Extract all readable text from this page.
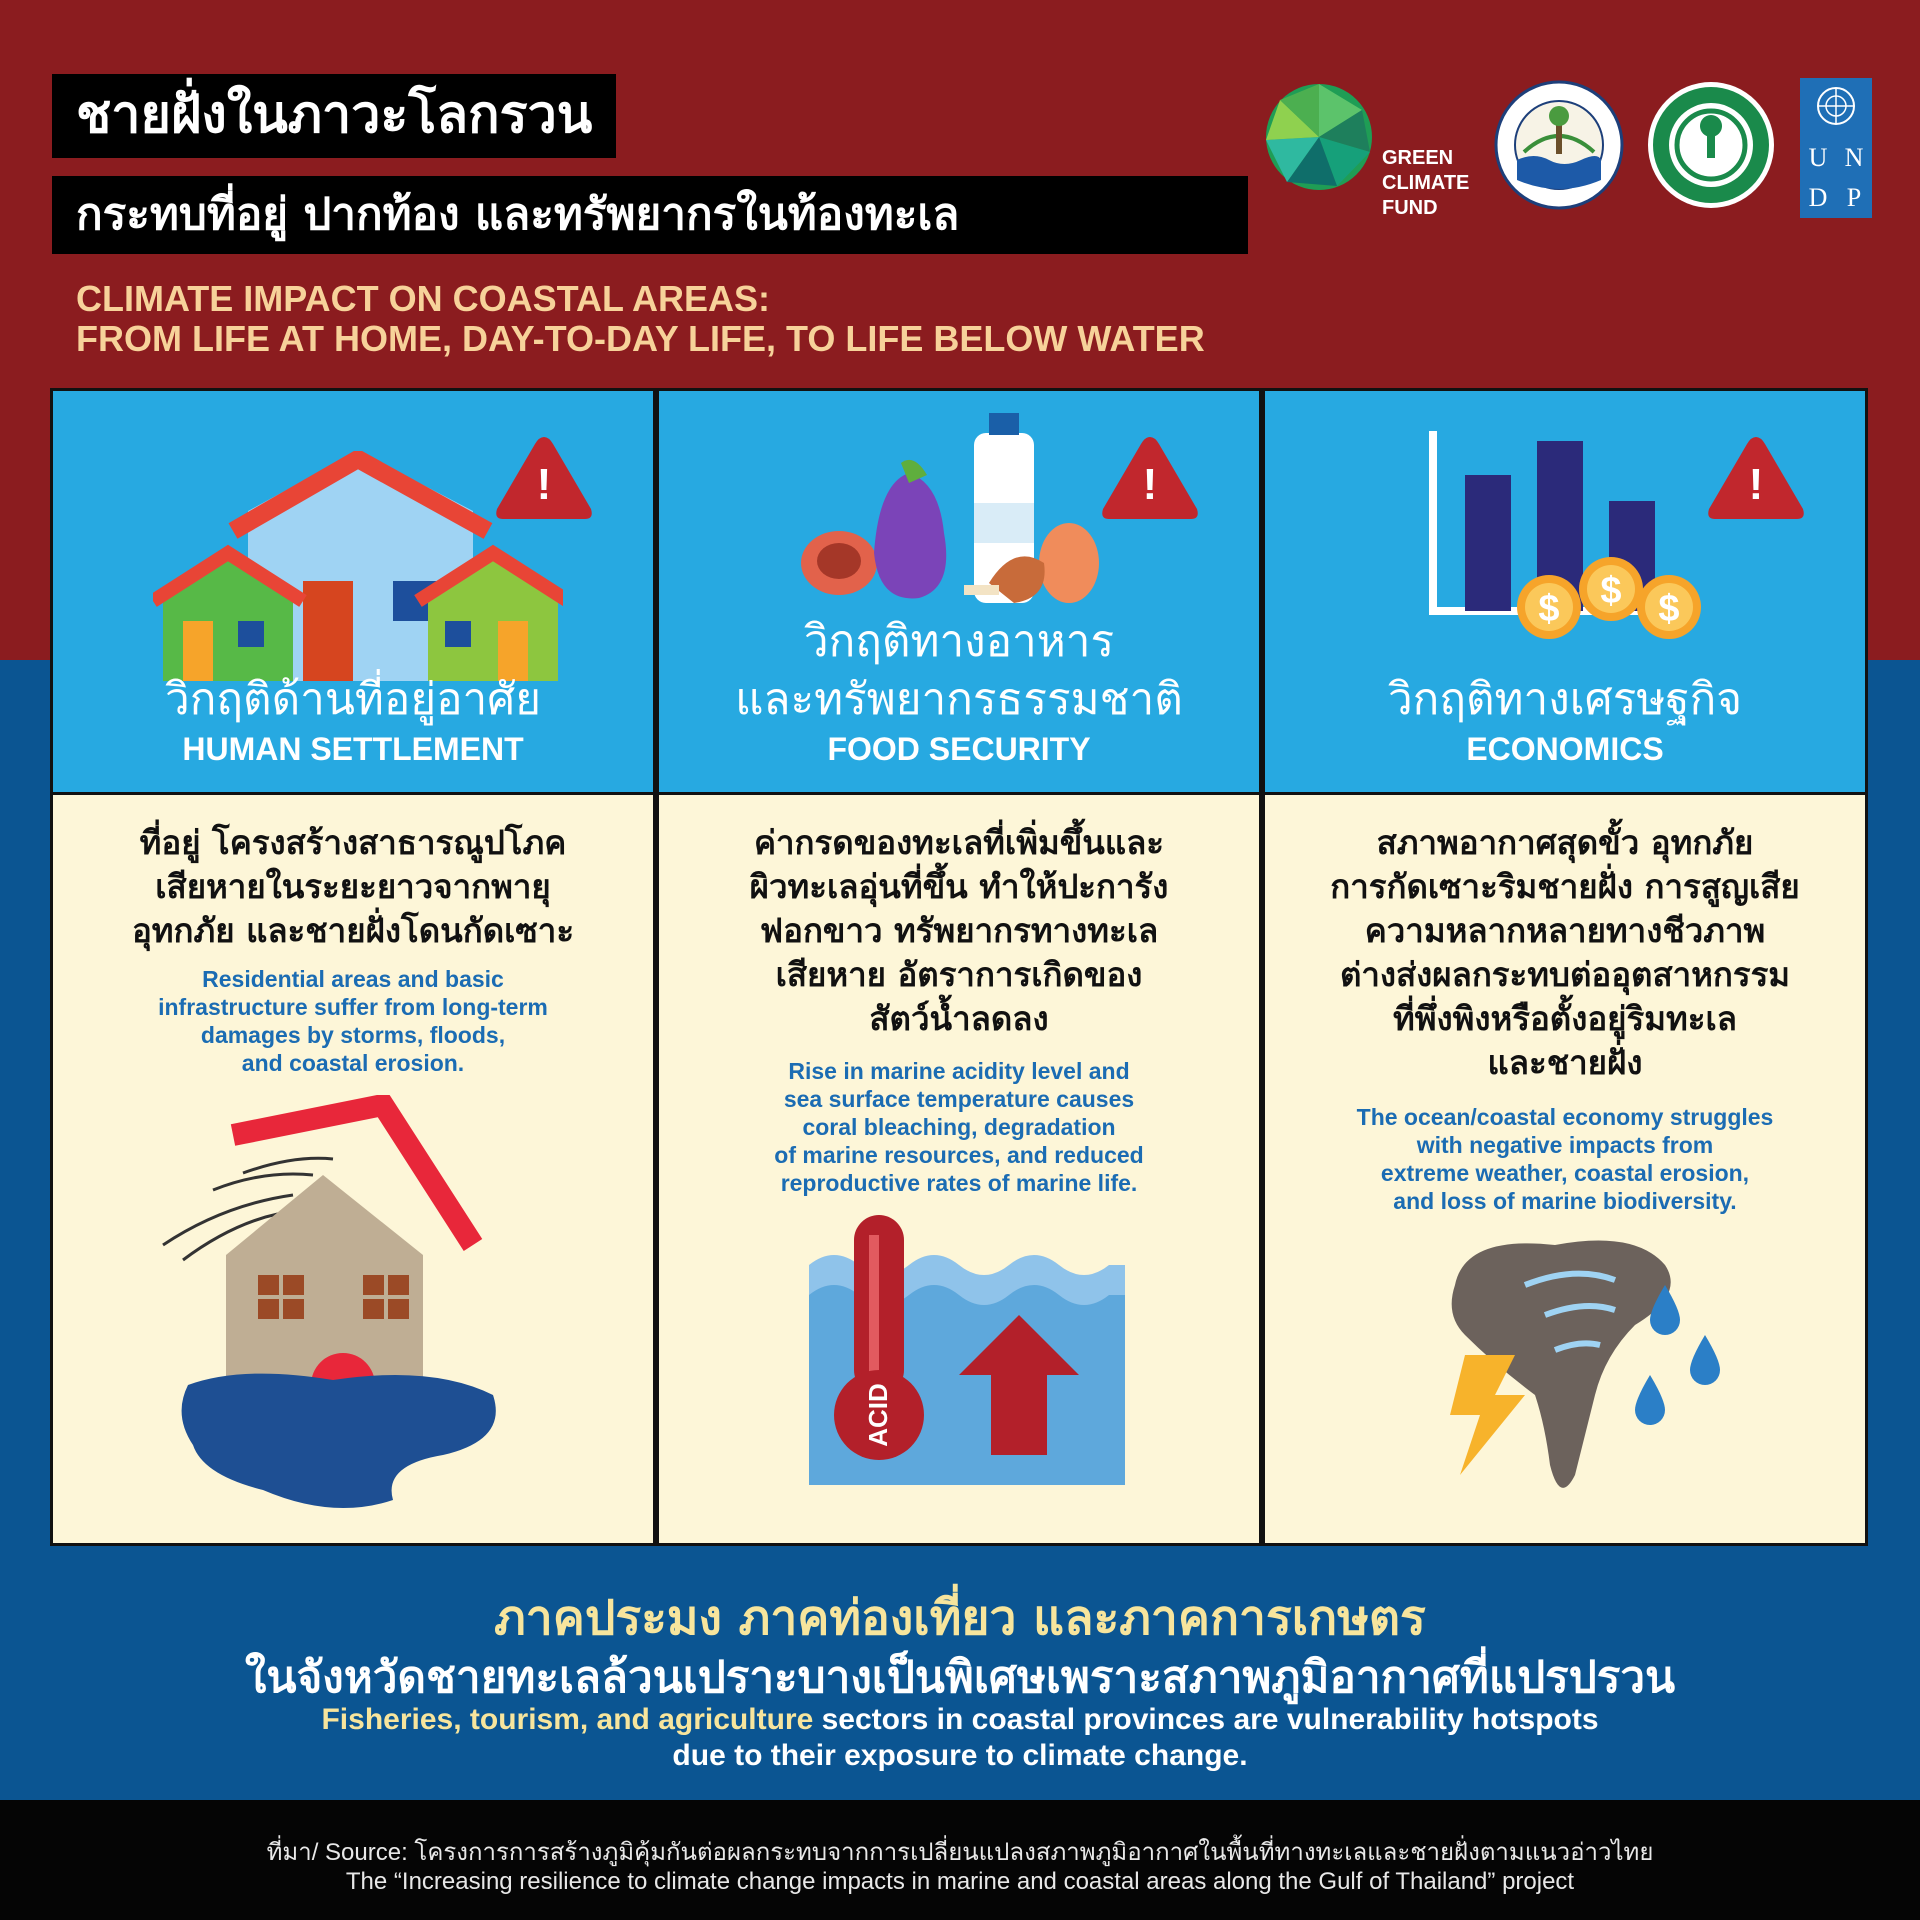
ชายฝั่งในภาวะโลกรวน
กระทบที่อยู่ ปากท้อง และทรัพยากรในท้องทะเล
CLIMATE IMPACT ON COASTAL AREAS:
FROM LIFE AT HOME, DAY-TO-DAY LIFE, TO LIFE BELOW WATER
GREEN
CLIMATE
FUND
U N
D P
!
วิกฤติด้านที่อยู่อาศัย
HUMAN SETTLEMENT
ที่อยู่ โครงสร้างสาธารณูปโภค
เสียหายในระยะยาวจากพายุ
อุทกภัย และชายฝั่งโดนกัดเซาะ
Residential areas and basic
infrastructure suffer from long-term
damages by storms, floods,
and coastal erosion.
!
วิกฤติทางอาหาร
และทรัพยากรธรรมชาติ
FOOD SECURITY
ค่ากรดของทะเลที่เพิ่มขึ้นและ
ผิวทะเลอุ่นที่ขึ้น ทำให้ปะการัง
ฟอกขาว ทรัพยากรทางทะเล
เสียหาย อัตราการเกิดของ
สัตว์น้ำลดลง
Rise in marine acidity level and
sea surface temperature causes
coral bleaching, degradation
of marine resources, and reduced
reproductive rates of marine life.
ACID
!
$ $ $
วิกฤติทางเศรษฐกิจ
ECONOMICS
สภาพอากาศสุดขั้ว อุทกภัย
การกัดเซาะริมชายฝั่ง การสูญเสีย
ความหลากหลายทางชีวภาพ
ต่างส่งผลกระทบต่ออุตสาหกรรม
ที่พึ่งพิงหรือตั้งอยู่ริมทะเล
และชายฝั่ง
The ocean/coastal economy struggles
with negative impacts from
extreme weather, coastal erosion,
and loss of marine biodiversity.
ภาคประมง ภาคท่องเที่ยว และภาคการเกษตร
ในจังหวัดชายทะเลล้วนเปราะบางเป็นพิเศษเพราะสภาพภูมิอากาศที่แปรปรวน
Fisheries, tourism, and agriculture sectors in coastal provinces are vulnerability hotspots
due to their exposure to climate change.
ที่มา/ Source: โครงการการสร้างภูมิคุ้มกันต่อผลกระทบจากการเปลี่ยนแปลงสภาพภูมิอากาศในพื้นที่ทางทะเลและชายฝั่งตามแนวอ่าวไทย
The “Increasing resilience to climate change impacts in marine and coastal areas along the Gulf of Thailand” project
